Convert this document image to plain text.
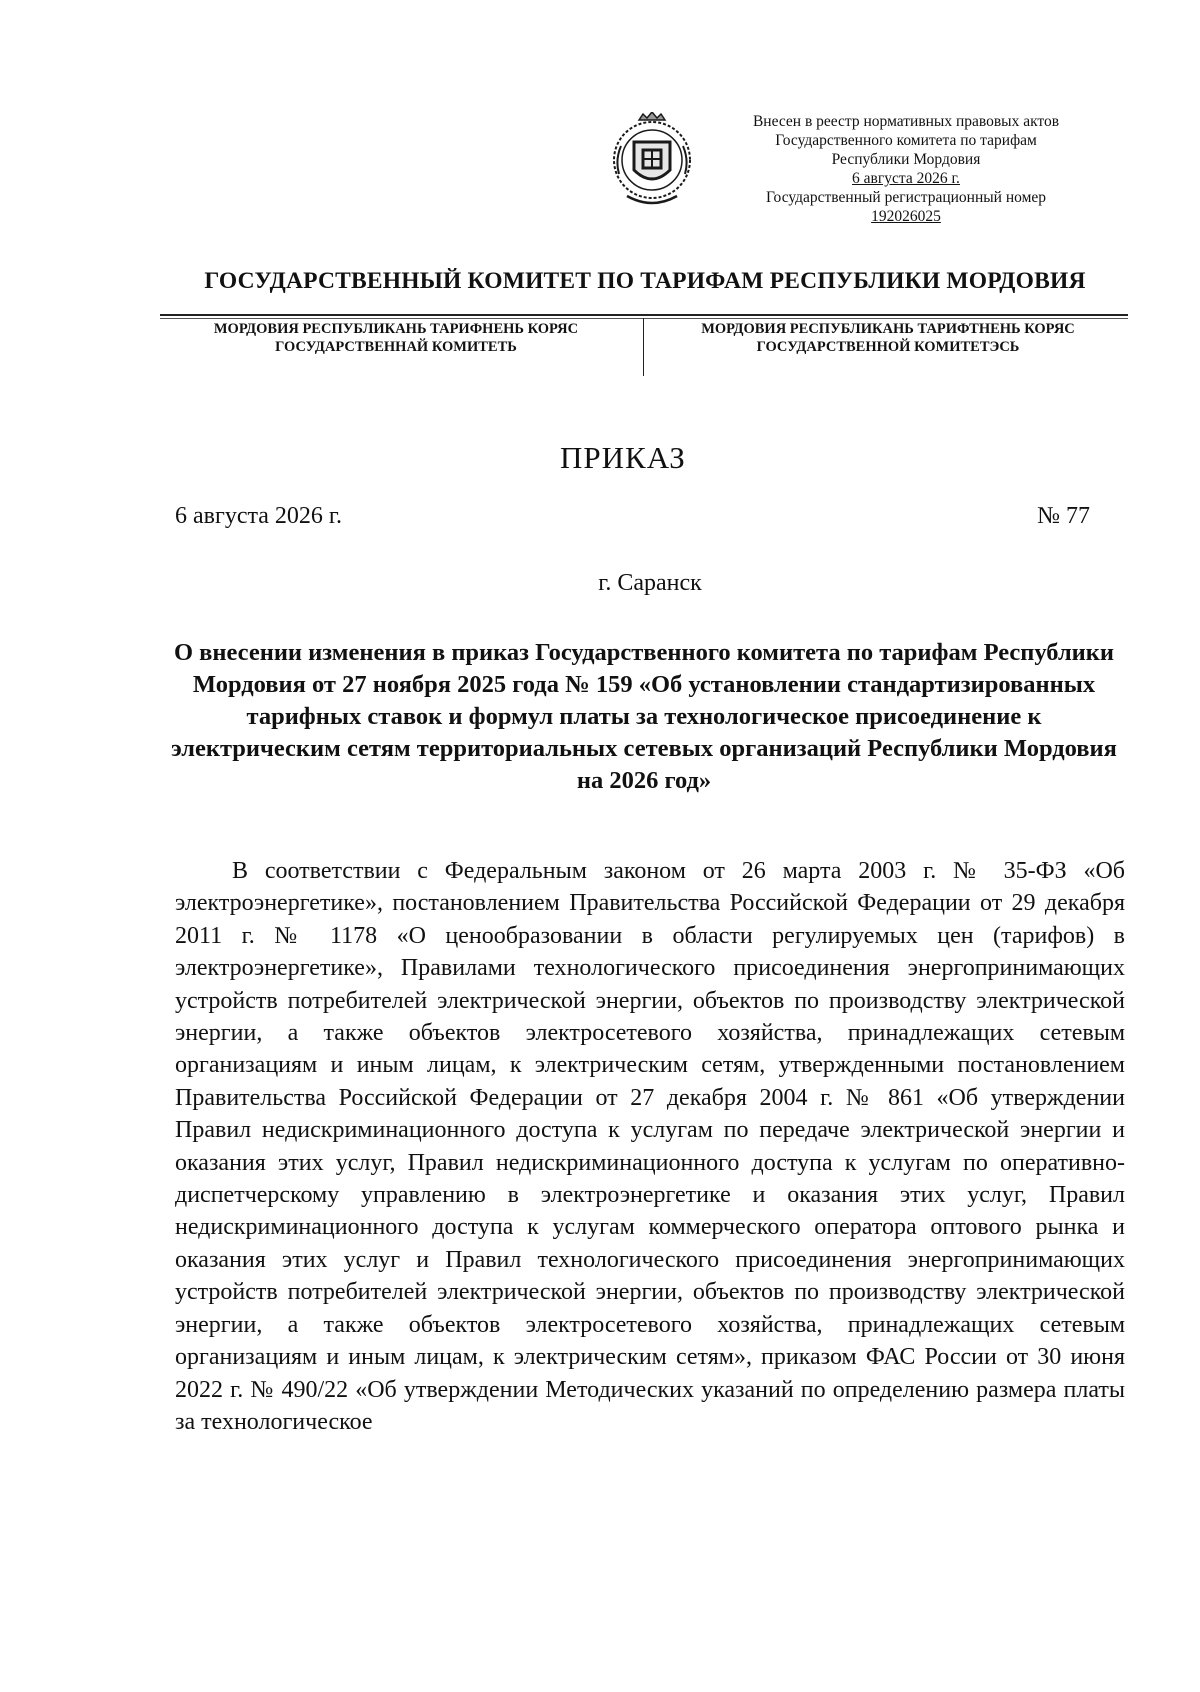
Внесен в реестр нормативных правовых актов
Государственного комитета по тарифам
Республики Мордовия
6 августа 2026 г.
Государственный регистрационный номер
192026025
ГОСУДАРСТВЕННЫЙ КОМИТЕТ ПО ТАРИФАМ РЕСПУБЛИКИ МОРДОВИЯ
МОРДОВИЯ РЕСПУБЛИКАНЬ ТАРИФНЕНЬ КОРЯС
ГОСУДАРСТВЕННАЙ КОМИТЕТЬ
МОРДОВИЯ РЕСПУБЛИКАНЬ ТАРИФТНЕНЬ КОРЯС
ГОСУДАРСТВЕННОЙ КОМИТЕТЭСЬ
ПРИКАЗ
6 августа 2026 г.	№ 77
г. Саранск
О внесении изменения в приказ Государственного комитета по тарифам Республики Мордовия от 27 ноября 2025 года № 159 «Об установлении стандартизированных тарифных ставок и формул платы за технологическое присоединение к электрическим сетям территориальных сетевых организаций Республики Мордовия на 2026 год»

В соответствии с Федеральным законом от 26 марта 2003 г. № 35-ФЗ «Об электроэнергетике», постановлением Правительства Российской Федерации от 29 декабря 2011 г. № 1178 «О ценообразовании в области регулируемых цен (тарифов) в электроэнергетике», Правилами технологического присоединения энергопринимающих устройств потребителей электрической энергии, объектов по производству электрической энергии, а также объектов электросетевого хозяйства, принадлежащих сетевым организациям и иным лицам, к электрическим сетям, утвержденными постановлением Правительства Российской Федерации от 27 декабря 2004 г. № 861 «Об утверждении Правил недискриминационного доступа к услугам по передаче электрической энергии и оказания этих услуг, Правил недискриминационного доступа к услугам по оперативно-диспетчерскому управлению в электроэнергетике и оказания этих услуг, Правил недискриминационного доступа к услугам коммерческого оператора оптового рынка и оказания этих услуг и Правил технологического присоединения энергопринимающих устройств потребителей электрической энергии, объектов по производству электрической энергии, а также объектов электросетевого хозяйства, принадлежащих сетевым организациям и иным лицам, к электрическим сетям», приказом ФАС России от 30 июня 2022 г. № 490/22 «Об утверждении Методических указаний по определению размера платы за технологическое
